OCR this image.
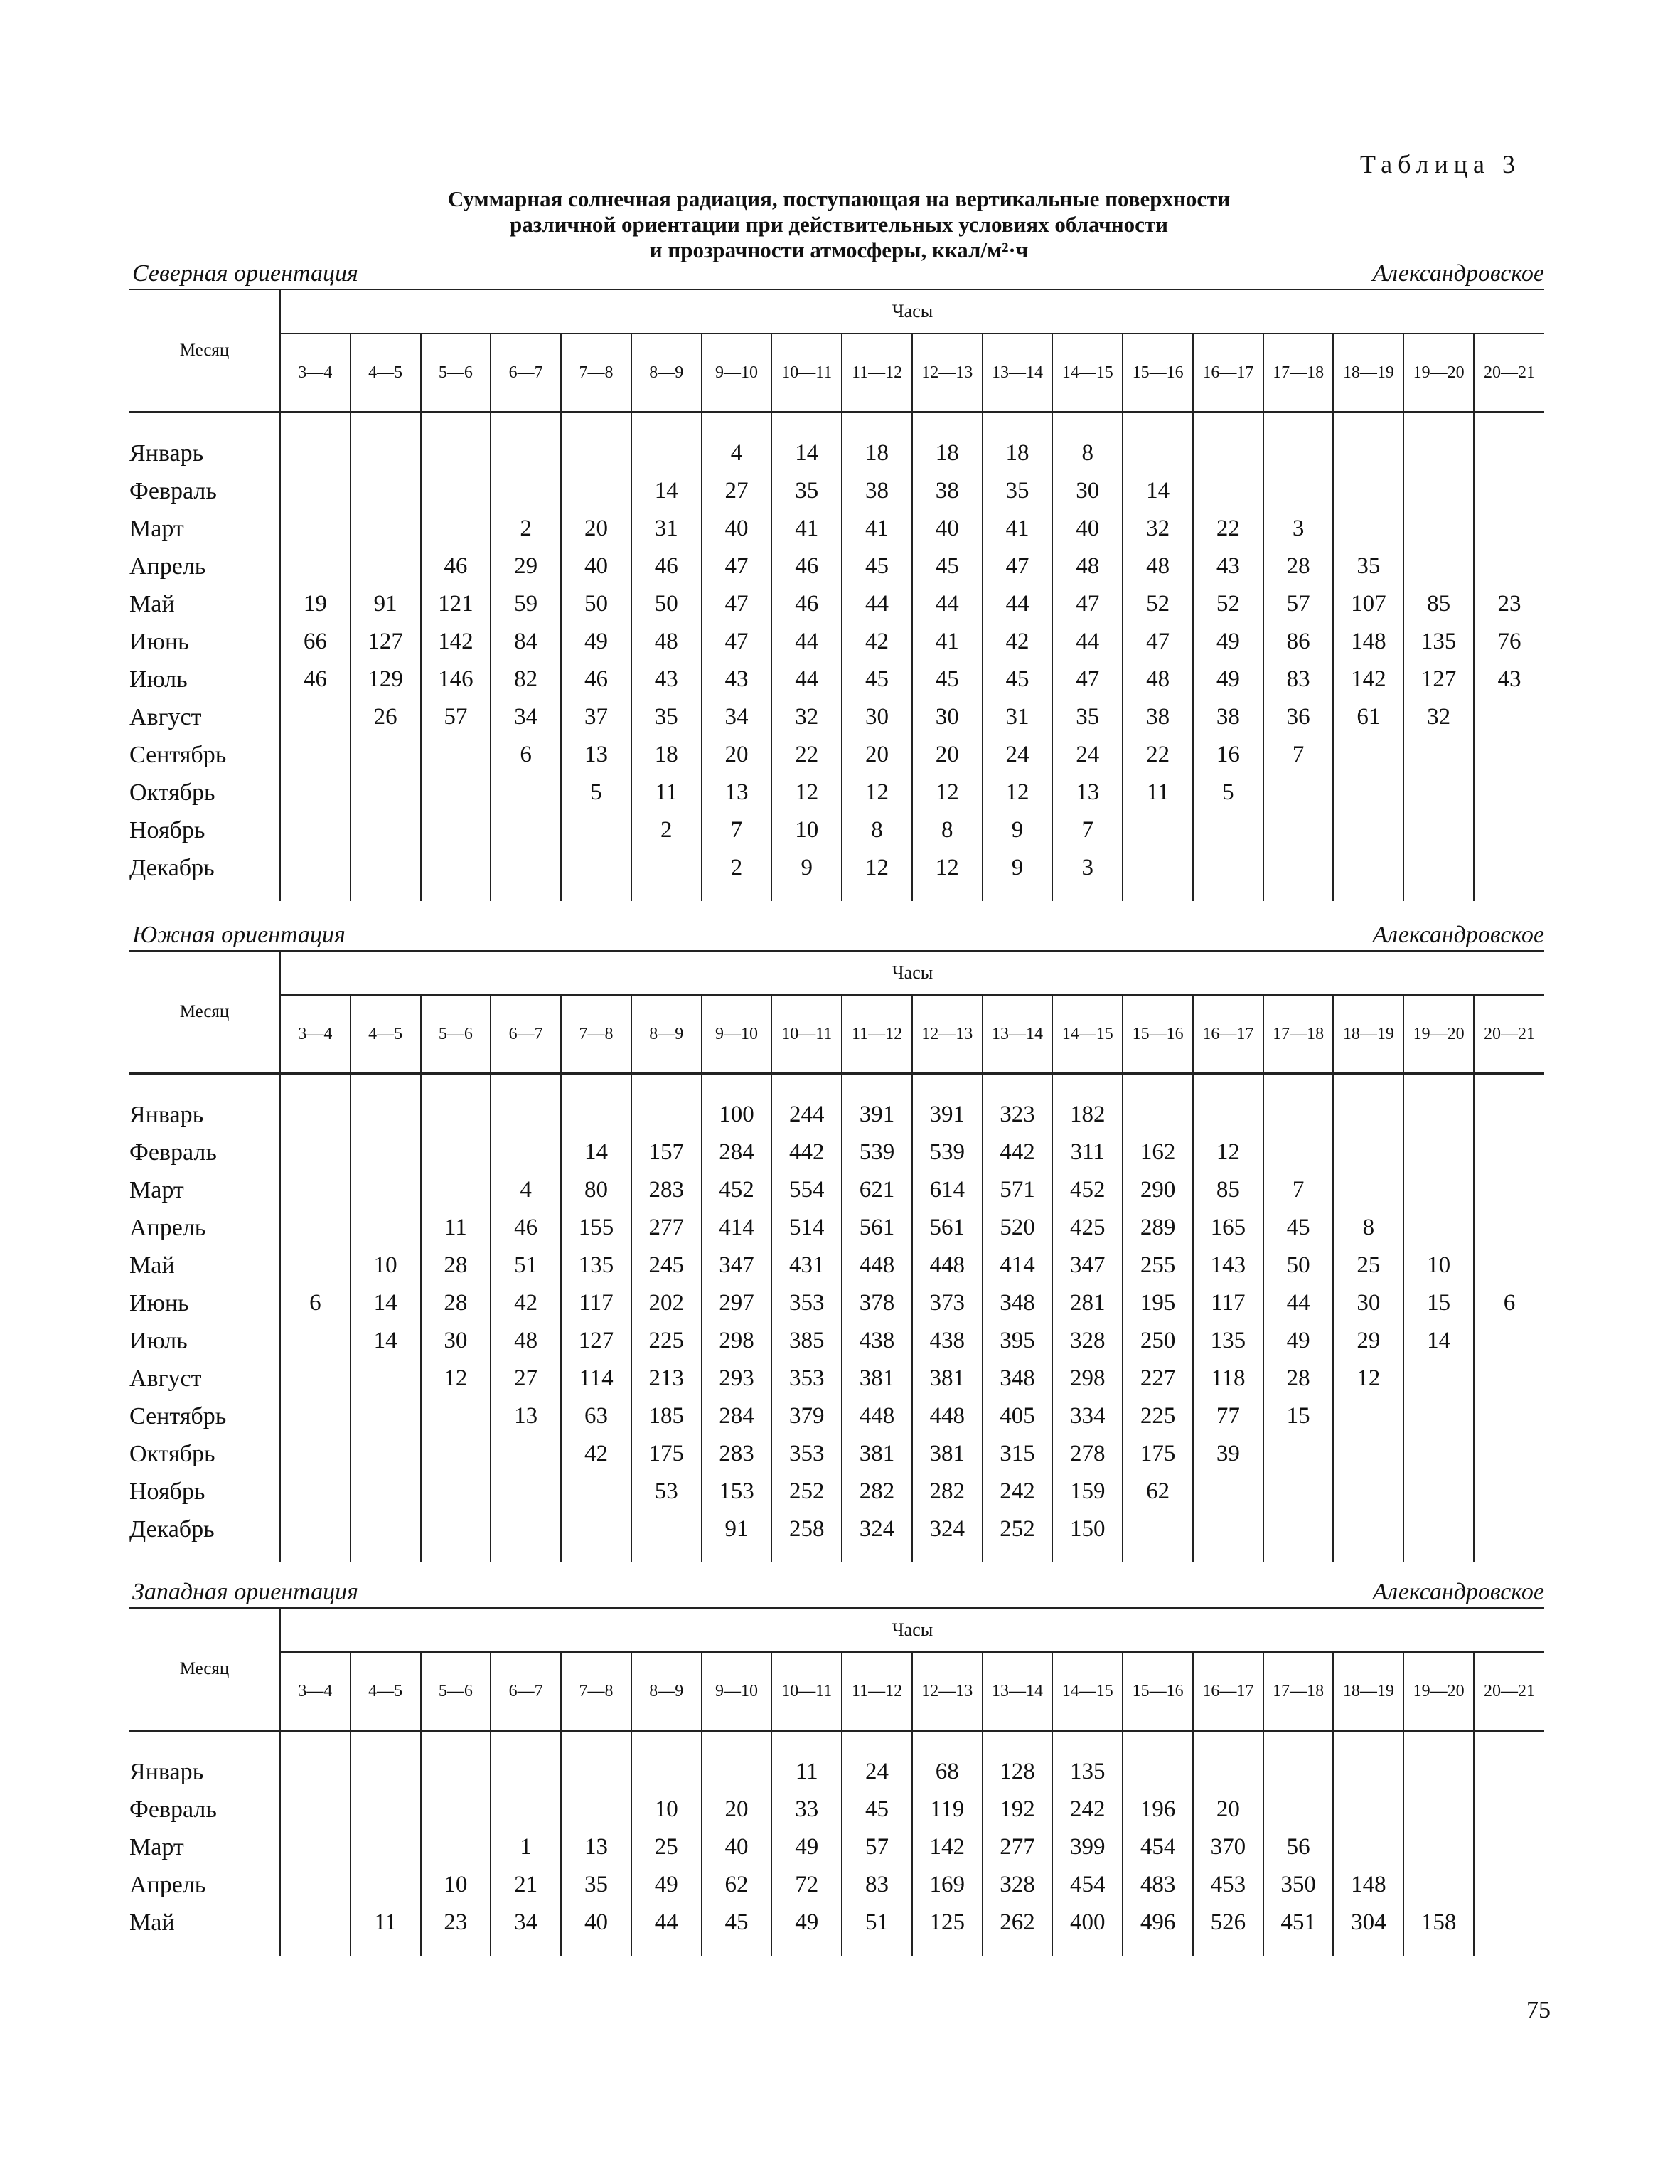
Таблица 3
Суммарная солнечная радиация, поступающая на вертикальные поверхности
различной ориентации при действительных условиях облачности
и прозрачности атмосферы, ккал/м²·ч
Северная ориентация	Александровское
Месяц	Часы																	
	3—4	4—5	5—6	6—7	7—8	8—9	9—10	10—11	11—12	12—13	13—14	14—15	15—16	16—17	17—18	18—19	19—20	20—21
Январь							4	14	18	18	18	8						
Февраль						14	27	35	38	38	35	30	14					
Март				2	20	31	40	41	41	40	41	40	32	22	3			
Апрель			46	29	40	46	47	46	45	45	47	48	48	43	28	35		
Май	19	91	121	59	50	50	47	46	44	44	44	47	52	52	57	107	85	23
Июнь	66	127	142	84	49	48	47	44	42	41	42	44	47	49	86	148	135	76
Июль	46	129	146	82	46	43	43	44	45	45	45	47	48	49	83	142	127	43
Август		26	57	34	37	35	34	32	30	30	31	35	38	38	36	61	32	
Сентябрь				6	13	18	20	22	20	20	24	24	22	16	7			
Октябрь					5	11	13	12	12	12	12	13	11	5				
Ноябрь						2	7	10	8	8	9	7						
Декабрь							2	9	12	12	9	3						
Южная ориентация	Александровское
Месяц	Часы																	
	3—4	4—5	5—6	6—7	7—8	8—9	9—10	10—11	11—12	12—13	13—14	14—15	15—16	16—17	17—18	18—19	19—20	20—21
Январь							100	244	391	391	323	182						
Февраль					14	157	284	442	539	539	442	311	162	12				
Март				4	80	283	452	554	621	614	571	452	290	85	7			
Апрель			11	46	155	277	414	514	561	561	520	425	289	165	45	8		
Май		10	28	51	135	245	347	431	448	448	414	347	255	143	50	25	10	
Июнь	6	14	28	42	117	202	297	353	378	373	348	281	195	117	44	30	15	6
Июль		14	30	48	127	225	298	385	438	438	395	328	250	135	49	29	14	
Август			12	27	114	213	293	353	381	381	348	298	227	118	28	12		
Сентябрь				13	63	185	284	379	448	448	405	334	225	77	15			
Октябрь					42	175	283	353	381	381	315	278	175	39				
Ноябрь						53	153	252	282	282	242	159	62					
Декабрь							91	258	324	324	252	150						
Западная ориентация	Александровское
Месяц	Часы																	
	3—4	4—5	5—6	6—7	7—8	8—9	9—10	10—11	11—12	12—13	13—14	14—15	15—16	16—17	17—18	18—19	19—20	20—21
Январь								11	24	68	128	135						
Февраль						10	20	33	45	119	192	242	196	20				
Март				1	13	25	40	49	57	142	277	399	454	370	56			
Апрель			10	21	35	49	62	72	83	169	328	454	483	453	350	148		
Май		11	23	34	40	44	45	49	51	125	262	400	496	526	451	304	158	
75
